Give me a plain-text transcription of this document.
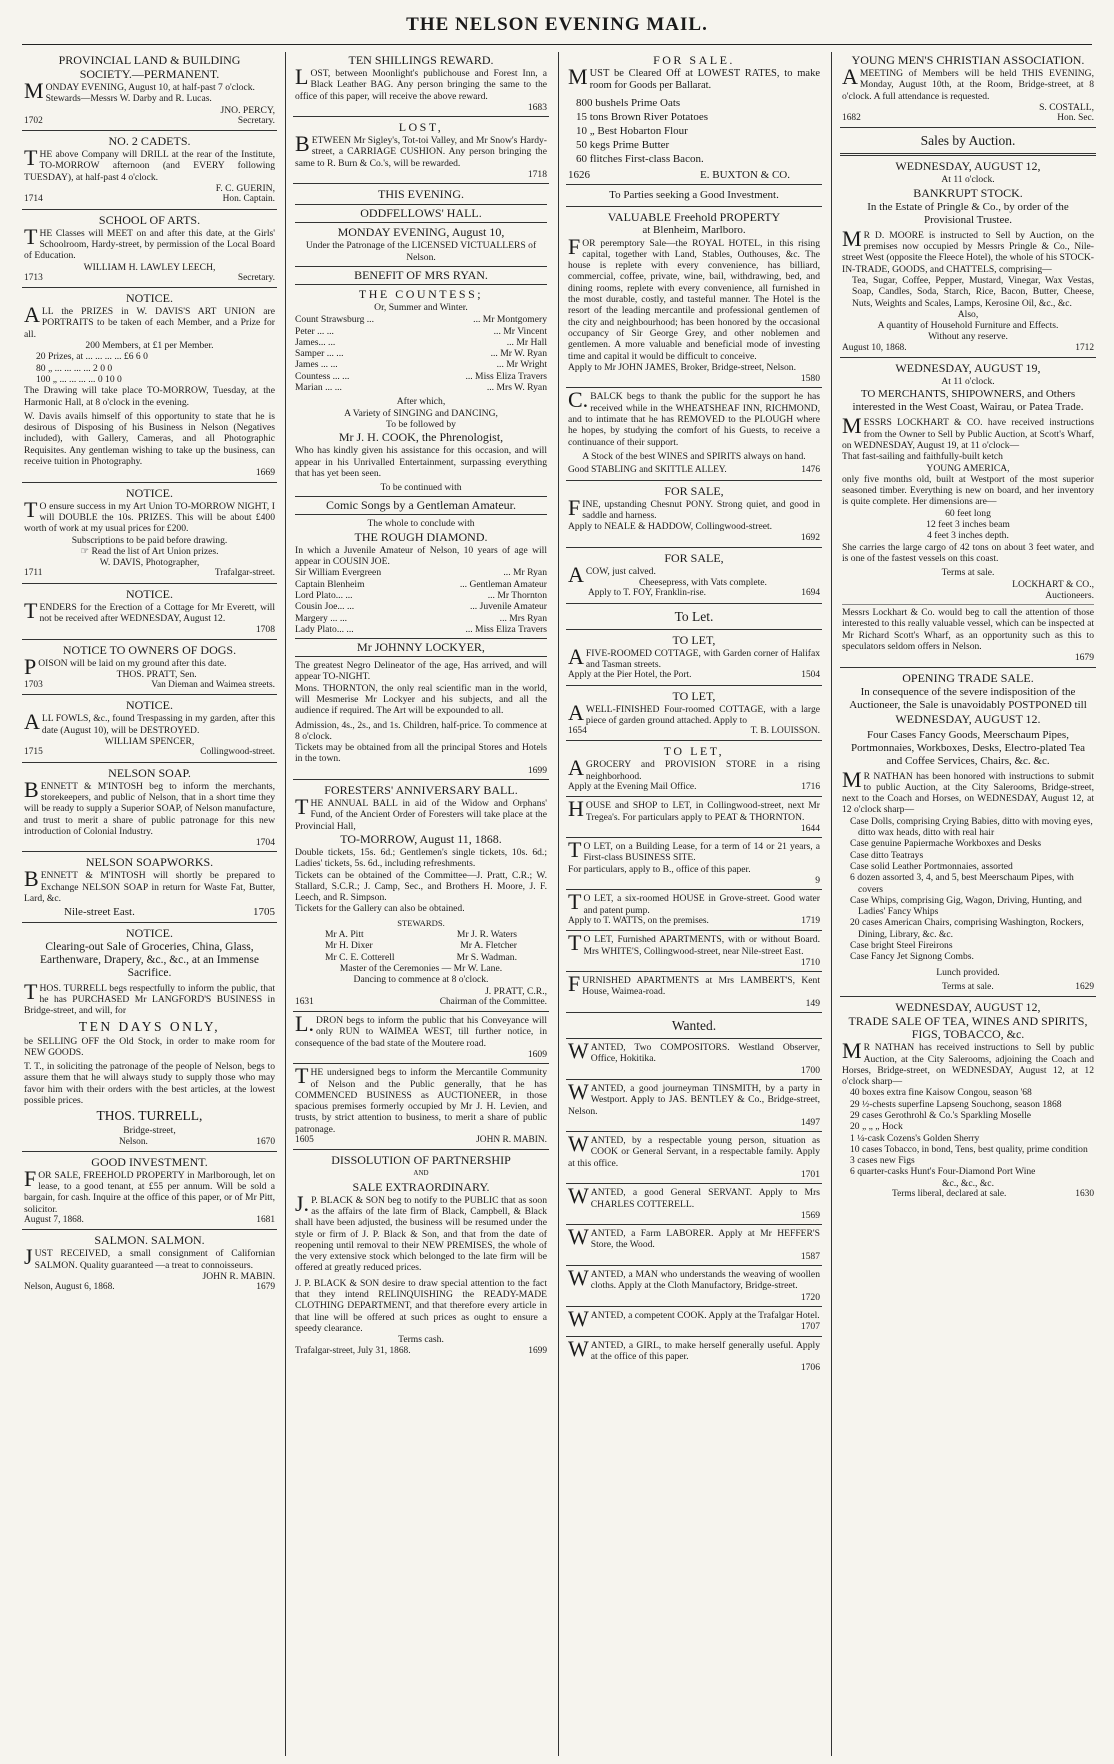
THE NELSON EVENING MAIL.
PROVINCIAL LAND & BUILDING
SOCIETY.—PERMANENT.

MONDAY EVENING, August 10, at half-past 7 o'clock.

Stewards—Messrs W. Darby and R. Lucas.

JNO. PERCY,
1702	Secretary.
NO. 2 CADETS.

THE above Company will DRILL at the rear of the Institute, TO-MORROW afternoon (and EVERY following TUESDAY), at half-past 4 o'clock.

F. C. GUERIN,
1714	Hon. Captain.
SCHOOL OF ARTS.

THE Classes will MEET on and after this date, at the Girls' Schoolroom, Hardy-street, by permission of the Local Board of Education.

WILLIAM H. LAWLEY LEECH,
1713	Secretary.
NOTICE.

ALL the PRIZES in W. DAVIS'S ART UNION are PORTRAITS to be taken of each Member, and a Prize for all.

200 Members, at £1 per Member.
20 Prizes, at ... ... ... ... £6 6 0
80 „ ... ... ... ... 2 0 0
100 „ ... ... ... ... 0 10 0

The Drawing will take place TO-MORROW, Tuesday, at the Harmonic Hall, at 8 o'clock in the evening.

W. Davis avails himself of this opportunity to state that he is desirous of Disposing of his Business in Nelson (Negatives included), with Gallery, Cameras, and all Photographic Requisites. Any gentleman wishing to take up the business, can receive tuition in Photography.

1669
NOTICE.

TO ensure success in my Art Union TO-MORROW NIGHT, I will DOUBLE the 10s. PRIZES. This will be about £400 worth of work at my usual prices for £200.

Subscriptions to be paid before drawing.
☞ Read the list of Art Union prizes.
W. DAVIS, Photographer,
1711	Trafalgar-street.
NOTICE.

TENDERS for the Erection of a Cottage for Mr Everett, will not be received after WEDNESDAY, August 12.

1708
NOTICE TO OWNERS OF DOGS.

POISON will be laid on my ground after this date.

THOS. PRATT, Sen.
1703	Van Dieman and Waimea streets.
NOTICE.

ALL FOWLS, &c., found Trespassing in my garden, after this date (August 10), will be DESTROYED.

WILLIAM SPENCER,
1715	Collingwood-street.
NELSON SOAP.

BENNETT & M'INTOSH beg to inform the merchants, storekeepers, and public of Nelson, that in a short time they will be ready to supply a Superior SOAP, of Nelson manufacture, and trust to merit a share of public patronage for this new introduction of Colonial Industry.

1704
NELSON SOAPWORKS.

BENNETT & M'INTOSH will shortly be prepared to Exchange NELSON SOAP in return for Waste Fat, Butter, Lard, &c.

Nile-street East.	1705
NOTICE.
Clearing-out Sale of Groceries, China, Glass, Earthenware, Drapery, &c., &c., at an Immense Sacrifice.

THOS. TURRELL begs respectfully to inform the public, that he has PURCHASED Mr LANGFORD'S BUSINESS in Bridge-street, and will, for

TEN DAYS ONLY,

be SELLING OFF the Old Stock, in order to make room for NEW GOODS.

T. T., in soliciting the patronage of the people of Nelson, begs to assure them that he will always study to supply those who may favor him with their orders with the best articles, at the lowest possible prices.

THOS. TURRELL,
Bridge-street,
Nelson.	1670
GOOD INVESTMENT.

FOR SALE, FREEHOLD PROPERTY in Marlborough, let on lease, to a good tenant, at £55 per annum. Will be sold a bargain, for cash. Inquire at the office of this paper, or of Mr Pitt, solicitor.

August 7, 1868.	1681
SALMON. SALMON.

JUST RECEIVED, a small consignment of Californian SALMON. Quality guaranteed —a treat to connoisseurs.

JOHN R. MABIN.
Nelson, August 6, 1868.	1679
TEN SHILLINGS REWARD.

LOST, between Moonlight's publichouse and Forest Inn, a Black Leather BAG. Any person bringing the same to the office of this paper, will receive the above reward.

1683
LOST,

BETWEEN Mr Sigley's, Tot-toi Valley, and Mr Snow's Hardy-street, a CARRIAGE CUSHION. Any person bringing the same to R. Burn & Co.'s, will be rewarded.

1718
THIS EVENING.
ODDFELLOWS' HALL.
MONDAY EVENING, August 10,
Under the Patronage of the LICENSED VICTUALLERS of Nelson.
BENEFIT OF MRS RYAN.
THE COUNTESS;
Or, Summer and Winter.
Count Strawsburg ...	... Mr Montgomery
Peter ... ...	... Mr Vincent
James... ...	... Mr Hall
Samper ... ...	... Mr W. Ryan
James ... ...	... Mr Wright
Countess ... ...	... Miss Eliza Travers
Marian ... ...	... Mrs W. Ryan
After which,
A Variety of SINGING and DANCING,
To be followed by
Mr J. H. COOK, the Phrenologist,

Who has kindly given his assistance for this occasion, and will appear in his Unrivalled Entertainment, surpassing everything that has yet been seen.

To be continued with
Comic Songs by a Gentleman Amateur.
The whole to conclude with
THE ROUGH DIAMOND.

In which a Juvenile Amateur of Nelson, 10 years of age will appear in COUSIN JOE.

Sir William Evergreen	... Mr Ryan
Captain Blenheim	... Gentleman Amateur
Lord Plato... ...	... Mr Thornton
Cousin Joe... ...	... Juvenile Amateur
Margery ... ...	... Mrs Ryan
Lady Plato... ...	... Miss Eliza Travers
Mr JOHNNY LOCKYER,

The greatest Negro Delineator of the age, Has arrived, and will appear TO-NIGHT.

Mons. THORNTON, the only real scientific man in the world, will Mesmerise Mr Lockyer and his subjects, and all the audience if required. The Art will be expounded to all.

Admission, 4s., 2s., and 1s. Children, half-price. To commence at 8 o'clock.

Tickets may be obtained from all the principal Stores and Hotels in the town.

1699
FORESTERS' ANNIVERSARY BALL.

THE ANNUAL BALL in aid of the Widow and Orphans' Fund, of the Ancient Order of Foresters will take place at the Provincial Hall,

TO-MORROW, August 11, 1868.

Double tickets, 15s. 6d.; Gentlemen's single tickets, 10s. 6d.; Ladies' tickets, 5s. 6d., including refreshments.

Tickets can be obtained of the Committee—J. Pratt, C.R.; W. Stallard, S.C.R.; J. Camp, Sec., and Brothers H. Moore, J. F. Leech, and R. Simpson.

Tickets for the Gallery can also be obtained.

STEWARDS.
Mr A. Pitt	Mr J. R. Waters
Mr H. Dixer	Mr A. Fletcher
Mr C. E. Cotterell	Mr S. Wadman.
Master of the Ceremonies — Mr W. Lane.
Dancing to commence at 8 o'clock.
J. PRATT, C.R.,
1631	Chairman of the Committee.

L.DRON begs to inform the public that his Conveyance will only RUN to WAIMEA WEST, till further notice, in consequence of the bad state of the Moutere road.

1609

THE undersigned begs to inform the Mercantile Community of Nelson and the Public generally, that he has COMMENCED BUSINESS as AUCTIONEER, in those spacious premises formerly occupied by Mr J. H. Levien, and trusts, by strict attention to business, to merit a share of public patronage.

1605	JOHN R. MABIN.
DISSOLUTION OF PARTNERSHIP
AND
SALE EXTRAORDINARY.

J.P. BLACK & SON beg to notify to the PUBLIC that as soon as the affairs of the late firm of Black, Campbell, & Black shall have been adjusted, the business will be resumed under the style or firm of J. P. Black & Son, and that from the date of reopening until removal to their NEW PREMISES, the whole of the very extensive stock which belonged to the late firm will be offered at greatly reduced prices.

J. P. BLACK & SON desire to draw special attention to the fact that they intend RELINQUISHING the READY-MADE CLOTHING DEPARTMENT, and that therefore every article in that line will be offered at such prices as ought to ensure a speedy clearance.

Terms cash.
Trafalgar-street, July 31, 1868.	1699
FOR SALE.

MUST be Cleared Off at LOWEST RATES, to make room for Goods per Ballarat.

800 bushels Prime Oats
15 tons Brown River Potatoes
10 „ Best Hobarton Flour
50 kegs Prime Butter
60 flitches First-class Bacon.
1626	E. BUXTON & CO.
To Parties seeking a Good Investment.
VALUABLE Freehold PROPERTY
at Blenheim, Marlboro.

FOR peremptory Sale—the ROYAL HOTEL, in this rising capital, together with Land, Stables, Outhouses, &c. The house is replete with every convenience, has billiard, commercial, coffee, private, wine, bail, withdrawing, bed, and dining rooms, replete with every convenience, all furnished in the most durable, costly, and tasteful manner. The Hotel is the resort of the leading mercantile and professional gentlemen of the city and neighbourhood; has been honored by the occasional occupancy of Sir George Grey, and other noblemen and gentlemen. A more valuable and beneficial mode of investing time and capital it would be difficult to conceive.

Apply to Mr JOHN JAMES, Broker, Bridge-street, Nelson.

1580

C.BALCK begs to thank the public for the support he has received while in the WHEATSHEAF INN, RICHMOND, and to intimate that he has REMOVED to the PLOUGH where he hopes, by studying the comfort of his Guests, to receive a continuance of their support.

A Stock of the best WINES and SPIRITS always on hand.
Good STABLING and SKITTLE ALLEY.	1476
FOR SALE,

FINE, upstanding Chesnut PONY. Strong quiet, and good in saddle and harness.

Apply to NEALE & HADDOW, Collingwood-street.

1692
FOR SALE,

ACOW, just calved.

Cheesepress, with Vats complete.
Apply to T. FOY, Franklin-rise.	1694
To Let.
TO LET,

AFIVE-ROOMED COTTAGE, with Garden corner of Halifax and Tasman streets.

Apply at the Pier Hotel, the Port.	1504
TO LET,

AWELL-FINISHED Four-roomed COTTAGE, with a large piece of garden ground attached. Apply to

1654	T. B. LOUISSON.
TO LET,

AGROCERY and PROVISION STORE in a rising neighborhood.

Apply at the Evening Mail Office.	1716

HOUSE and SHOP to LET, in Collingwood-street, next Mr Tregea's. For particulars apply to PEAT & THORNTON.

1644

TO LET, on a Building Lease, for a term of 14 or 21 years, a First-class BUSINESS SITE.

For particulars, apply to B., office of this paper.

9

TO LET, a six-roomed HOUSE in Grove-street. Good water and patent pump.

Apply to T. WATTS, on the premises.	1719

TO LET, Furnished APARTMENTS, with or without Board. Mrs WHITE'S, Collingwood-street, near Nile-street East.

1710

FURNISHED APARTMENTS at Mrs LAMBERT'S, Kent House, Waimea-road.

149
Wanted.

WANTED, Two COMPOSITORS. Westland Observer, Office, Hokitika.

1700

WANTED, a good journeyman TINSMITH, by a party in Westport. Apply to JAS. BENTLEY & Co., Bridge-street, Nelson.

1497

WANTED, by a respectable young person, situation as COOK or General Servant, in a respectable family. Apply at this office.

1701

WANTED, a good General SERVANT. Apply to Mrs CHARLES COTTERELL.

1569

WANTED, a Farm LABORER. Apply at Mr HEFFER'S Store, the Wood.

1587

WANTED, a MAN who understands the weaving of woollen cloths. Apply at the Cloth Manufactory, Bridge-street.

1720

WANTED, a competent COOK. Apply at the Trafalgar Hotel.

1707

WANTED, a GIRL, to make herself generally useful. Apply at the office of this paper.

1706
YOUNG MEN'S CHRISTIAN ASSOCIATION.

AMEETING of Members will be held THIS EVENING, Monday, August 10th, at the Room, Bridge-street, at 8 o'clock. A full attendance is requested.

S. COSTALL,
1682	Hon. Sec.
Sales by Auction.
WEDNESDAY, AUGUST 12,
At 11 o'clock.
BANKRUPT STOCK.
In the Estate of Pringle & Co., by order of the Provisional Trustee.

MR D. MOORE is instructed to Sell by Auction, on the premises now occupied by Messrs Pringle & Co., Nile-street West (opposite the Fleece Hotel), the whole of his STOCK-IN-TRADE, GOODS, and CHATTELS, comprising—

Tea, Sugar, Coffee, Pepper, Mustard, Vinegar, Wax Vestas, Soap, Candles, Soda, Starch, Rice, Bacon, Butter, Cheese, Nuts, Weights and Scales, Lamps, Kerosine Oil, &c., &c.

Also,
A quantity of Household Furniture and Effects.
Without any reserve.
August 10, 1868.	1712
WEDNESDAY, AUGUST 19,
At 11 o'clock.
TO MERCHANTS, SHIPOWNERS, and Others interested in the West Coast, Wairau, or Patea Trade.

MESSRS LOCKHART & CO. have received instructions from the Owner to Sell by Public Auction, at Scott's Wharf, on WEDNESDAY, August 19, at 11 o'clock—

That fast-sailing and faithfully-built ketch

YOUNG AMERICA,

only five months old, built at Westport of the most superior seasoned timber. Everything is new on board, and her inventory is quite complete. Her dimensions are—

60 feet long
12 feet 3 inches beam
4 feet 3 inches depth.

She carries the large cargo of 42 tons on about 3 feet water, and is one of the fastest vessels on this coast.

Terms at sale.
LOCKHART & CO.,
Auctioneers.

Messrs Lockhart & Co. would beg to call the attention of those interested to this really valuable vessel, which can be inspected at Mr Richard Scott's Wharf, as an opportunity such as this to speculators seldom offers in Nelson.

1679
OPENING TRADE SALE.
In consequence of the severe indisposition of the Auctioneer, the Sale is unavoidably POSTPONED till
WEDNESDAY, AUGUST 12.
Four Cases Fancy Goods, Meerschaum Pipes, Portmonnaies, Workboxes, Desks, Electro-plated Tea and Coffee Services, Chairs, &c. &c.

MR NATHAN has been honored with instructions to submit to public Auction, at the City Salerooms, Bridge-street, next to the Coach and Horses, on WEDNESDAY, August 12, at 12 o'clock sharp—

Case Dolls, comprising Crying Babies, ditto with moving eyes, ditto wax heads, ditto with real hair
Case genuine Papiermache Workboxes and Desks
Case ditto Teatrays
Case solid Leather Portmonnaies, assorted
6 dozen assorted 3, 4, and 5, best Meerschaum Pipes, with covers
Case Whips, comprising Gig, Wagon, Driving, Hunting, and Ladies' Fancy Whips
20 cases American Chairs, comprising Washington, Rockers, Dining, Library, &c. &c.
Case bright Steel Fireirons
Case Fancy Jet Signong Combs.
Lunch provided.
Terms at sale.	1629
WEDNESDAY, AUGUST 12,
TRADE SALE OF TEA, WINES AND SPIRITS, FIGS, TOBACCO, &c.

MR NATHAN has received instructions to Sell by public Auction, at the City Salerooms, adjoining the Coach and Horses, Bridge-street, on WEDNESDAY, August 12, at 12 o'clock sharp—

40 boxes extra fine Kaisow Congou, season '68
29 ½-chests superfine Lapseng Souchong, season 1868
29 cases Gerothrohl & Co.'s Sparkling Moselle
20 „ „ „ Hock
1 ¼-cask Cozens's Golden Sherry
10 cases Tobacco, in bond, Tens, best quality, prime condition
3 cases new Figs
6 quarter-casks Hunt's Four-Diamond Port Wine
&c., &c., &c.
Terms liberal, declared at sale.	1630
